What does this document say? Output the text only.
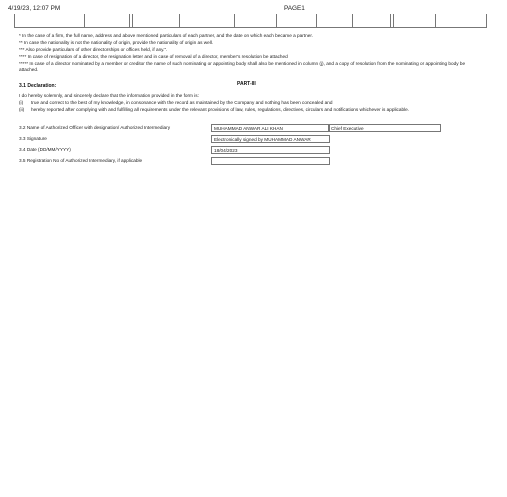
4/19/23, 12:07 PM	PAGE1
* In the case of a firm, the full name, address and above mentioned particulars of each partner, and the date on which each became a partner.
** In case the nationality is not the nationality of origin, provide the nationality of origin as well.
*** Also provide particulars of other directorships or offices held, if any.".
**** In case of resignation of a director, the resignation letter and in case of removal of a director, member's resolution be attached
***** In case of a director nominated by a member or creditor the name of such nominating or appointing body shall also be mentioned in column (j), and a copy of resolution from the nominating or appointing body be attached.
PART-III
3.1 Declaration:
I do hereby solemnly, and sincerely declare that the information provided in the form is:
(i) true and correct to the best of my knowledge, in consonance with the record as maintained by the Company and nothing has been concealed and
(ii)	hereby reported after complying with and fulfilling all requirements under the relevant provisions of law, rules, regulations, directives, circulars and notifications whichever is applicable.
3.2 Name of Authorized Officer with designation/ Authorized Intermediary	MUHAMMAD ANWAR ALI KHAN	Chief Executive
3.3 Signature	Electronically signed by MUHAMMAD ANWAR
3.4 Date (DD/MM/YYYY)	18/04/2023
3.5 Registration No of Authorized Intermediary, if applicable
